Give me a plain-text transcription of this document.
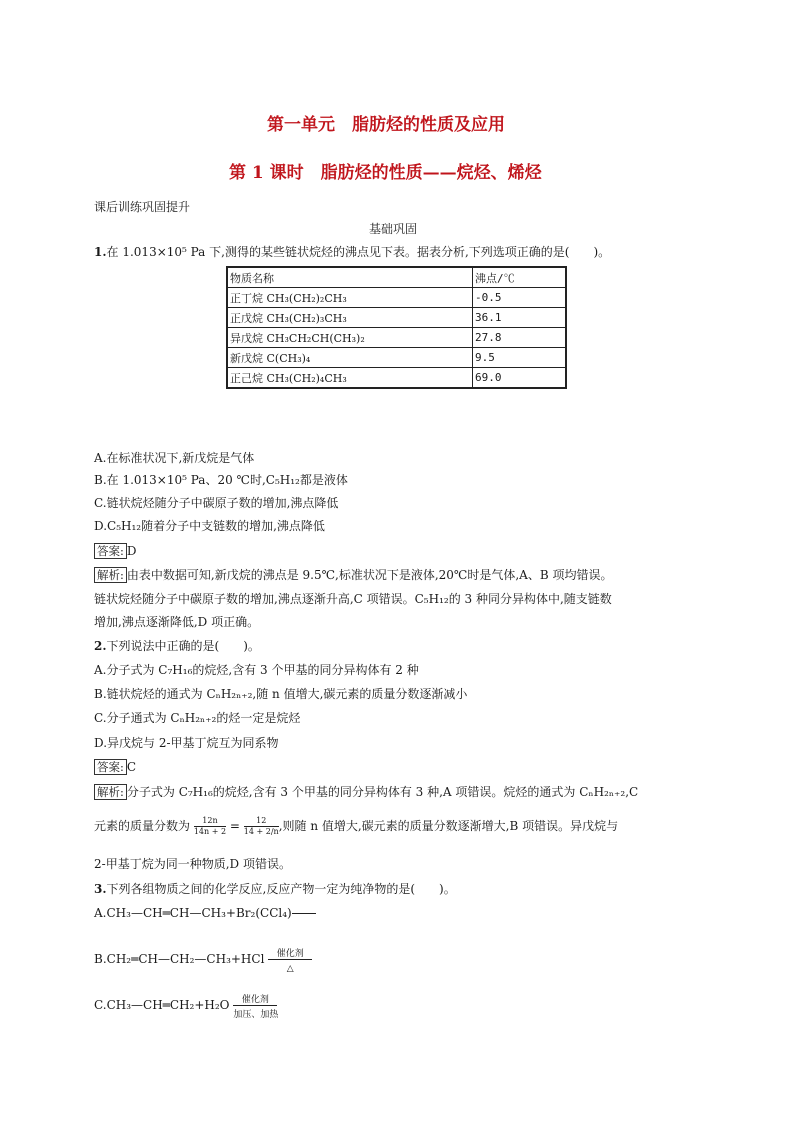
第一单元　脂肪烃的性质及应用
第 1 课时　脂肪烃的性质——烷烃、烯烃
课后训练巩固提升
基础巩固
1.在 1.013×10⁵ Pa 下,测得的某些链状烷烃的沸点见下表。据表分析,下列选项正确的是(　　)。
物质名称	沸点/℃
正丁烷 CH₃(CH₂)₂CH₃	-0.5
正戊烷 CH₃(CH₂)₃CH₃	36.1
异戊烷 CH₃CH₂CH(CH₃)₂	27.8
新戊烷 C(CH₃)₄	9.5
正己烷 CH₃(CH₂)₄CH₃	69.0
A.在标准状况下,新戊烷是气体
B.在 1.013×10⁵ Pa、20 ℃时,C₅H₁₂都是液体
C.链状烷烃随分子中碳原子数的增加,沸点降低
D.C₅H₁₂随着分子中支链数的增加,沸点降低
答案: D
解析: 由表中数据可知,新戊烷的沸点是 9.5℃,标准状况下是液体,20℃时是气体,A、B 项均错误。
链状烷烃随分子中碳原子数的增加,沸点逐渐升高,C 项错误。C₅H₁₂的 3 种同分异构体中,随支链数
增加,沸点逐渐降低,D 项正确。
2.下列说法中正确的是(　　)。
A.分子式为 C₇H₁₆的烷烃,含有 3 个甲基的同分异构体有 2 种
B.链状烷烃的通式为 CₙH₂ₙ₊₂,随 n 值增大,碳元素的质量分数逐渐减小
C.分子通式为 CₙH₂ₙ₊₂的烃一定是烷烃
D.异戊烷与 2-甲基丁烷互为同系物
答案: C
解析: 分子式为 C₇H₁₆的烷烃,含有 3 个甲基的同分异构体有 3 种,A 项错误。烷烃的通式为 CₙH₂ₙ₊₂,C
元素的质量分数为 $\frac{12n}{14n + 2} = \frac{12}{14 + 2/n}$ ,则随 n 值增大,碳元素的质量分数逐渐增大,B 项错误。异戊烷与
2-甲基丁烷为同一种物质,D 项错误。
3.下列各组物质之间的化学反应,反应产物一定为纯净物的是(　　)。
A.CH₃—CH═CH—CH₃+Br₂(CCl₄)
B.CH₂═CH—CH₂—CH₃+HCl	催化剂
△
C.CH₃—CH═CH₂+H₂O	催化剂
加压、加热
